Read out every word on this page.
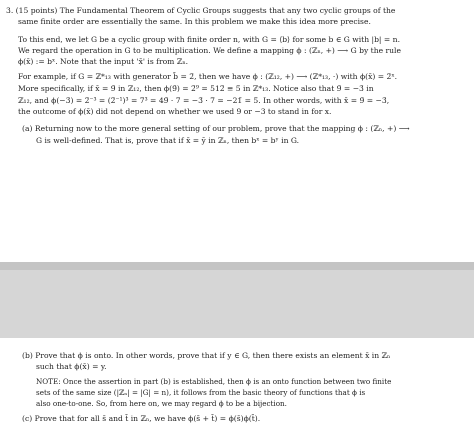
3. (15 points) The Fundamental Theorem of Cyclic Groups suggests that any two cyclic groups of the
same finite order are essentially the same. In this problem we make this idea more precise.
To this end, we let G be a cyclic group with finite order n, with G = ⟨b⟩ for some b ∈ G with |b| = n.
We regard the operation in G to be multiplication. We define a mapping ϕ : (ℤₙ, +) ⟶ G by the rule
ϕ(x̄) := bˣ. Note that the input 'x̄' is from ℤₙ.
For example, if G = ℤ*₁₃ with generator b̄ = 2̄, then we have ϕ : (ℤ₁₂, +) ⟶ (ℤ*₁₃, ·) with ϕ(x̄) = 2̄ˣ.
More specifically, if x̄ = 9̄ in ℤ₁₂, then ϕ(9̄) = 2̄⁹ = 512̄ ≡ 5̄ in ℤ*₁₃. Notice also that 9̄ = −3̄ in
ℤ₁₂, and ϕ(−3̄) = 2̄⁻³ = (2̄⁻¹)³ = 7̄³ = 49̄ · 7̄ = −3̄ · 7̄ = −21̄ = 5̄. In other words, with x̄ = 9̄ = −3̄,
the outcome of ϕ(x̄) did not depend on whether we used 9 or −3 to stand in for x.
(a) Returning now to the more general setting of our problem, prove that the mapping ϕ : (ℤₙ, +) ⟶
G is well-defined. That is, prove that if x̄ = ȳ in ℤₙ, then bˣ = bʸ in G.
(b) Prove that ϕ is onto. In other words, prove that if y ∈ G, then there exists an element x̄ in ℤₙ
such that ϕ(x̄) = y.
NOTE: Once the assertion in part (b) is established, then ϕ is an onto function between two finite
sets of the same size (|ℤₙ| = |G| = n), it follows from the basic theory of functions that ϕ is
also one-to-one. So, from here on, we may regard ϕ to be a bijection.
(c) Prove that for all s̄ and t̄ in ℤₙ, we have ϕ(s̄ + t̄) = ϕ(s̄)ϕ(t̄).
